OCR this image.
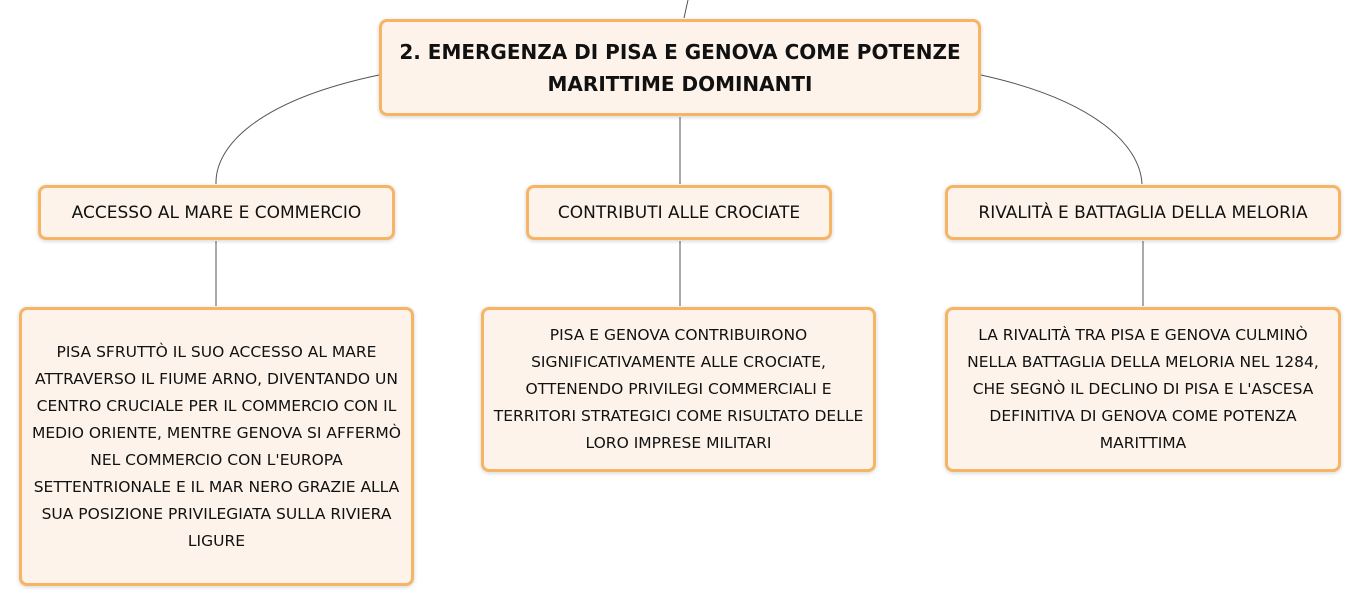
2. EMERGENZA DI PISA E GENOVA COME POTENZE MARITTIME DOMINANTI
ACCESSO AL MARE E COMMERCIO	CONTRIBUTI ALLE CROCIATE	RIVALITÀ E BATTAGLIA DELLA MELORIA
PISA SFRUTTÒ IL SUO ACCESSO AL MARE ATTRAVERSO IL FIUME ARNO, DIVENTANDO UN CENTRO CRUCIALE PER IL COMMERCIO CON IL MEDIO ORIENTE, MENTRE GENOVA SI AFFERMÒ NEL COMMERCIO CON L'EUROPA SETTENTRIONALE E IL MAR NERO GRAZIE ALLA SUA POSIZIONE PRIVILEGIATA SULLA RIVIERA LIGURE
PISA E GENOVA CONTRIBUIRONO SIGNIFICATIVAMENTE ALLE CROCIATE, OTTENENDO PRIVILEGI COMMERCIALI E TERRITORI STRATEGICI COME RISULTATO DELLE LORO IMPRESE MILITARI
LA RIVALITÀ TRA PISA E GENOVA CULMINÒ NELLA BATTAGLIA DELLA MELORIA NEL 1284, CHE SEGNÒ IL DECLINO DI PISA E L'ASCESA DEFINITIVA DI GENOVA COME POTENZA MARITTIMA
